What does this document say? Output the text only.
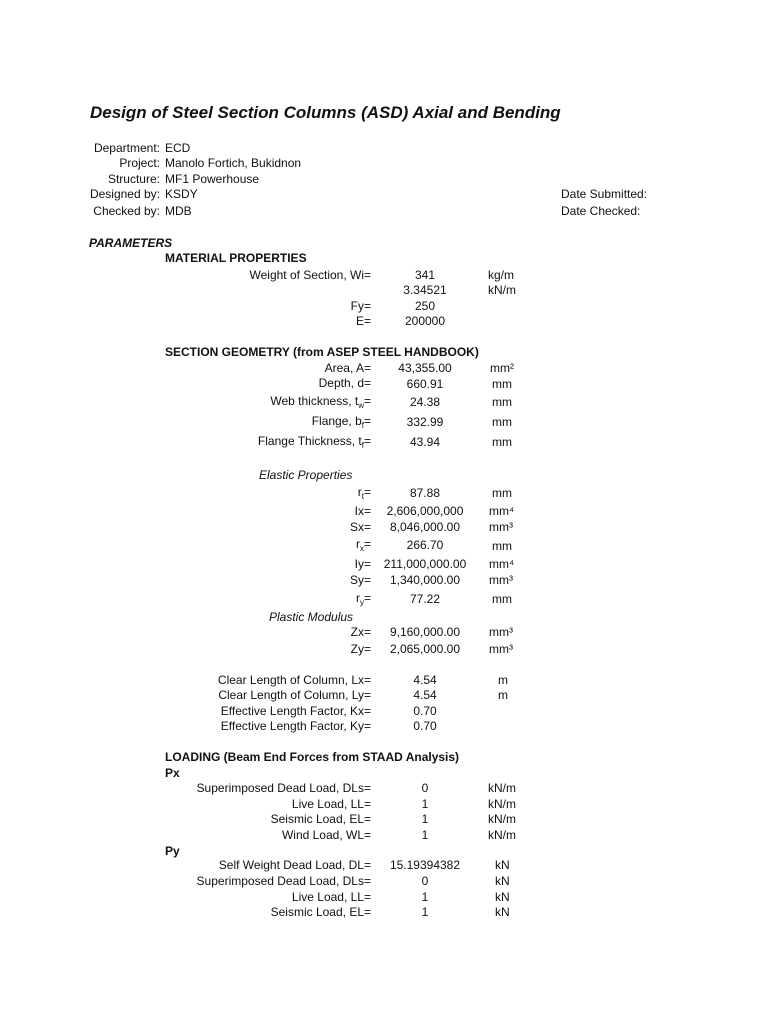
Design of Steel Section Columns (ASD) Axial and Bending
Department: ECD
Project: Manolo Fortich, Bukidnon
Structure: MF1 Powerhouse
Designed by: KSDY
Checked by: MDB
Date Submitted:
Date Checked:
PARAMETERS
MATERIAL PROPERTIES
Weight of Section, Wi=	341	kg/m
3.34521	kN/m
Fy=	250
E=	200000
SECTION GEOMETRY (from ASEP STEEL HANDBOOK)
Area, A=	43,355.00	mm²
Depth, d=	660.91	mm
Web thickness, $t_w=$	24.38	mm
Flange, $b_f=$	332.99	mm
Flange Thickness, $t_f=$	43.94	mm
Elastic Properties
$r_t=$	87.88	mm
Ix=	2,606,000,000	mm⁴
Sx=	8,046,000.00	mm³
$r_x=$	266.70	mm
Iy=	211,000,000.00	mm⁴
Sy=	1,340,000.00	mm³
$r_y=$	77.22	mm
Plastic Modulus
Zx=	9,160,000.00	mm³
Zy=	2,065,000.00	mm³
Clear Length of Column, Lx=	4.54	m
Clear Length of Column, Ly=	4.54	m
Effective Length Factor, Kx=	0.70
Effective Length Factor, Ky=	0.70
LOADING (Beam End Forces from STAAD Analysis)
Px
Superimposed Dead Load, DLs=	0	kN/m
Live Load, LL=	1	kN/m
Seismic Load, EL=	1	kN/m
Wind Load, WL=	1	kN/m
Py
Self Weight Dead Load, DL=	15.19394382	kN
Superimposed Dead Load, DLs=	0	kN
Live Load, LL=	1	kN
Seismic Load, EL=	1	kN
